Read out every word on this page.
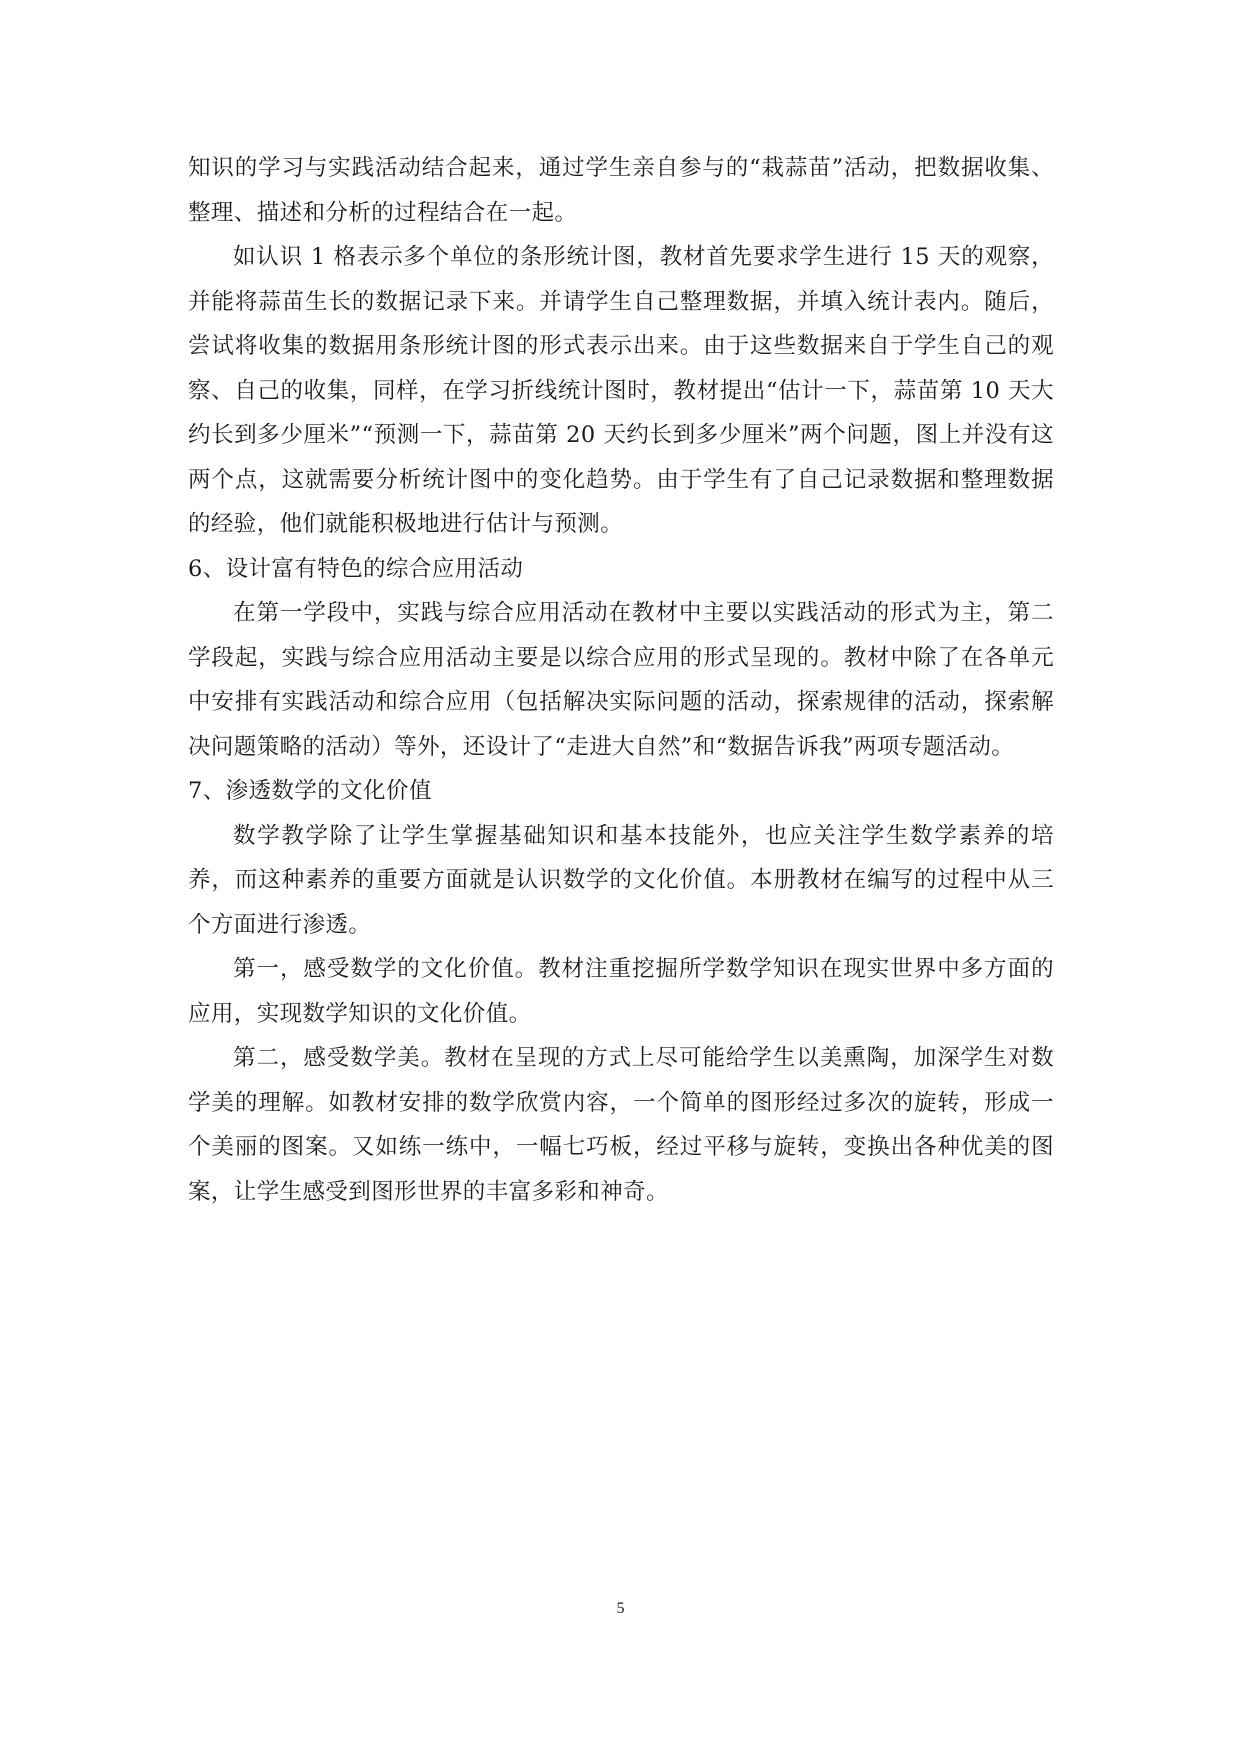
知识的学习与实践活动结合起来，通过学生亲自参与的“栽蒜苗”活动，把数据收集、整理、描述和分析的过程结合在一起。

如认识 1 格表示多个单位的条形统计图，教材首先要求学生进行 15 天的观察，并能将蒜苗生长的数据记录下来。并请学生自己整理数据，并填入统计表内。随后，尝试将收集的数据用条形统计图的形式表示出来。由于这些数据来自于学生自己的观察、自己的收集，同样，在学习折线统计图时，教材提出“估计一下，蒜苗第 10 天大约长到多少厘米”“预测一下，蒜苗第 20 天约长到多少厘米”两个问题，图上并没有这两个点，这就需要分析统计图中的变化趋势。由于学生有了自己记录数据和整理数据的经验，他们就能积极地进行估计与预测。

6、设计富有特色的综合应用活动

在第一学段中，实践与综合应用活动在教材中主要以实践活动的形式为主，第二学段起，实践与综合应用活动主要是以综合应用的形式呈现的。教材中除了在各单元中安排有实践活动和综合应用（包括解决实际问题的活动，探索规律的活动，探索解决问题策略的活动）等外，还设计了“走进大自然”和“数据告诉我”两项专题活动。

7、渗透数学的文化价值

数学教学除了让学生掌握基础知识和基本技能外，也应关注学生数学素养的培养，而这种素养的重要方面就是认识数学的文化价值。本册教材在编写的过程中从三个方面进行渗透。

第一，感受数学的文化价值。教材注重挖掘所学数学知识在现实世界中多方面的应用，实现数学知识的文化价值。

第二，感受数学美。教材在呈现的方式上尽可能给学生以美熏陶，加深学生对数学美的理解。如教材安排的数学欣赏内容，一个简单的图形经过多次的旋转，形成一个美丽的图案。又如练一练中，一幅七巧板，经过平移与旋转，变换出各种优美的图案，让学生感受到图形世界的丰富多彩和神奇。

5
